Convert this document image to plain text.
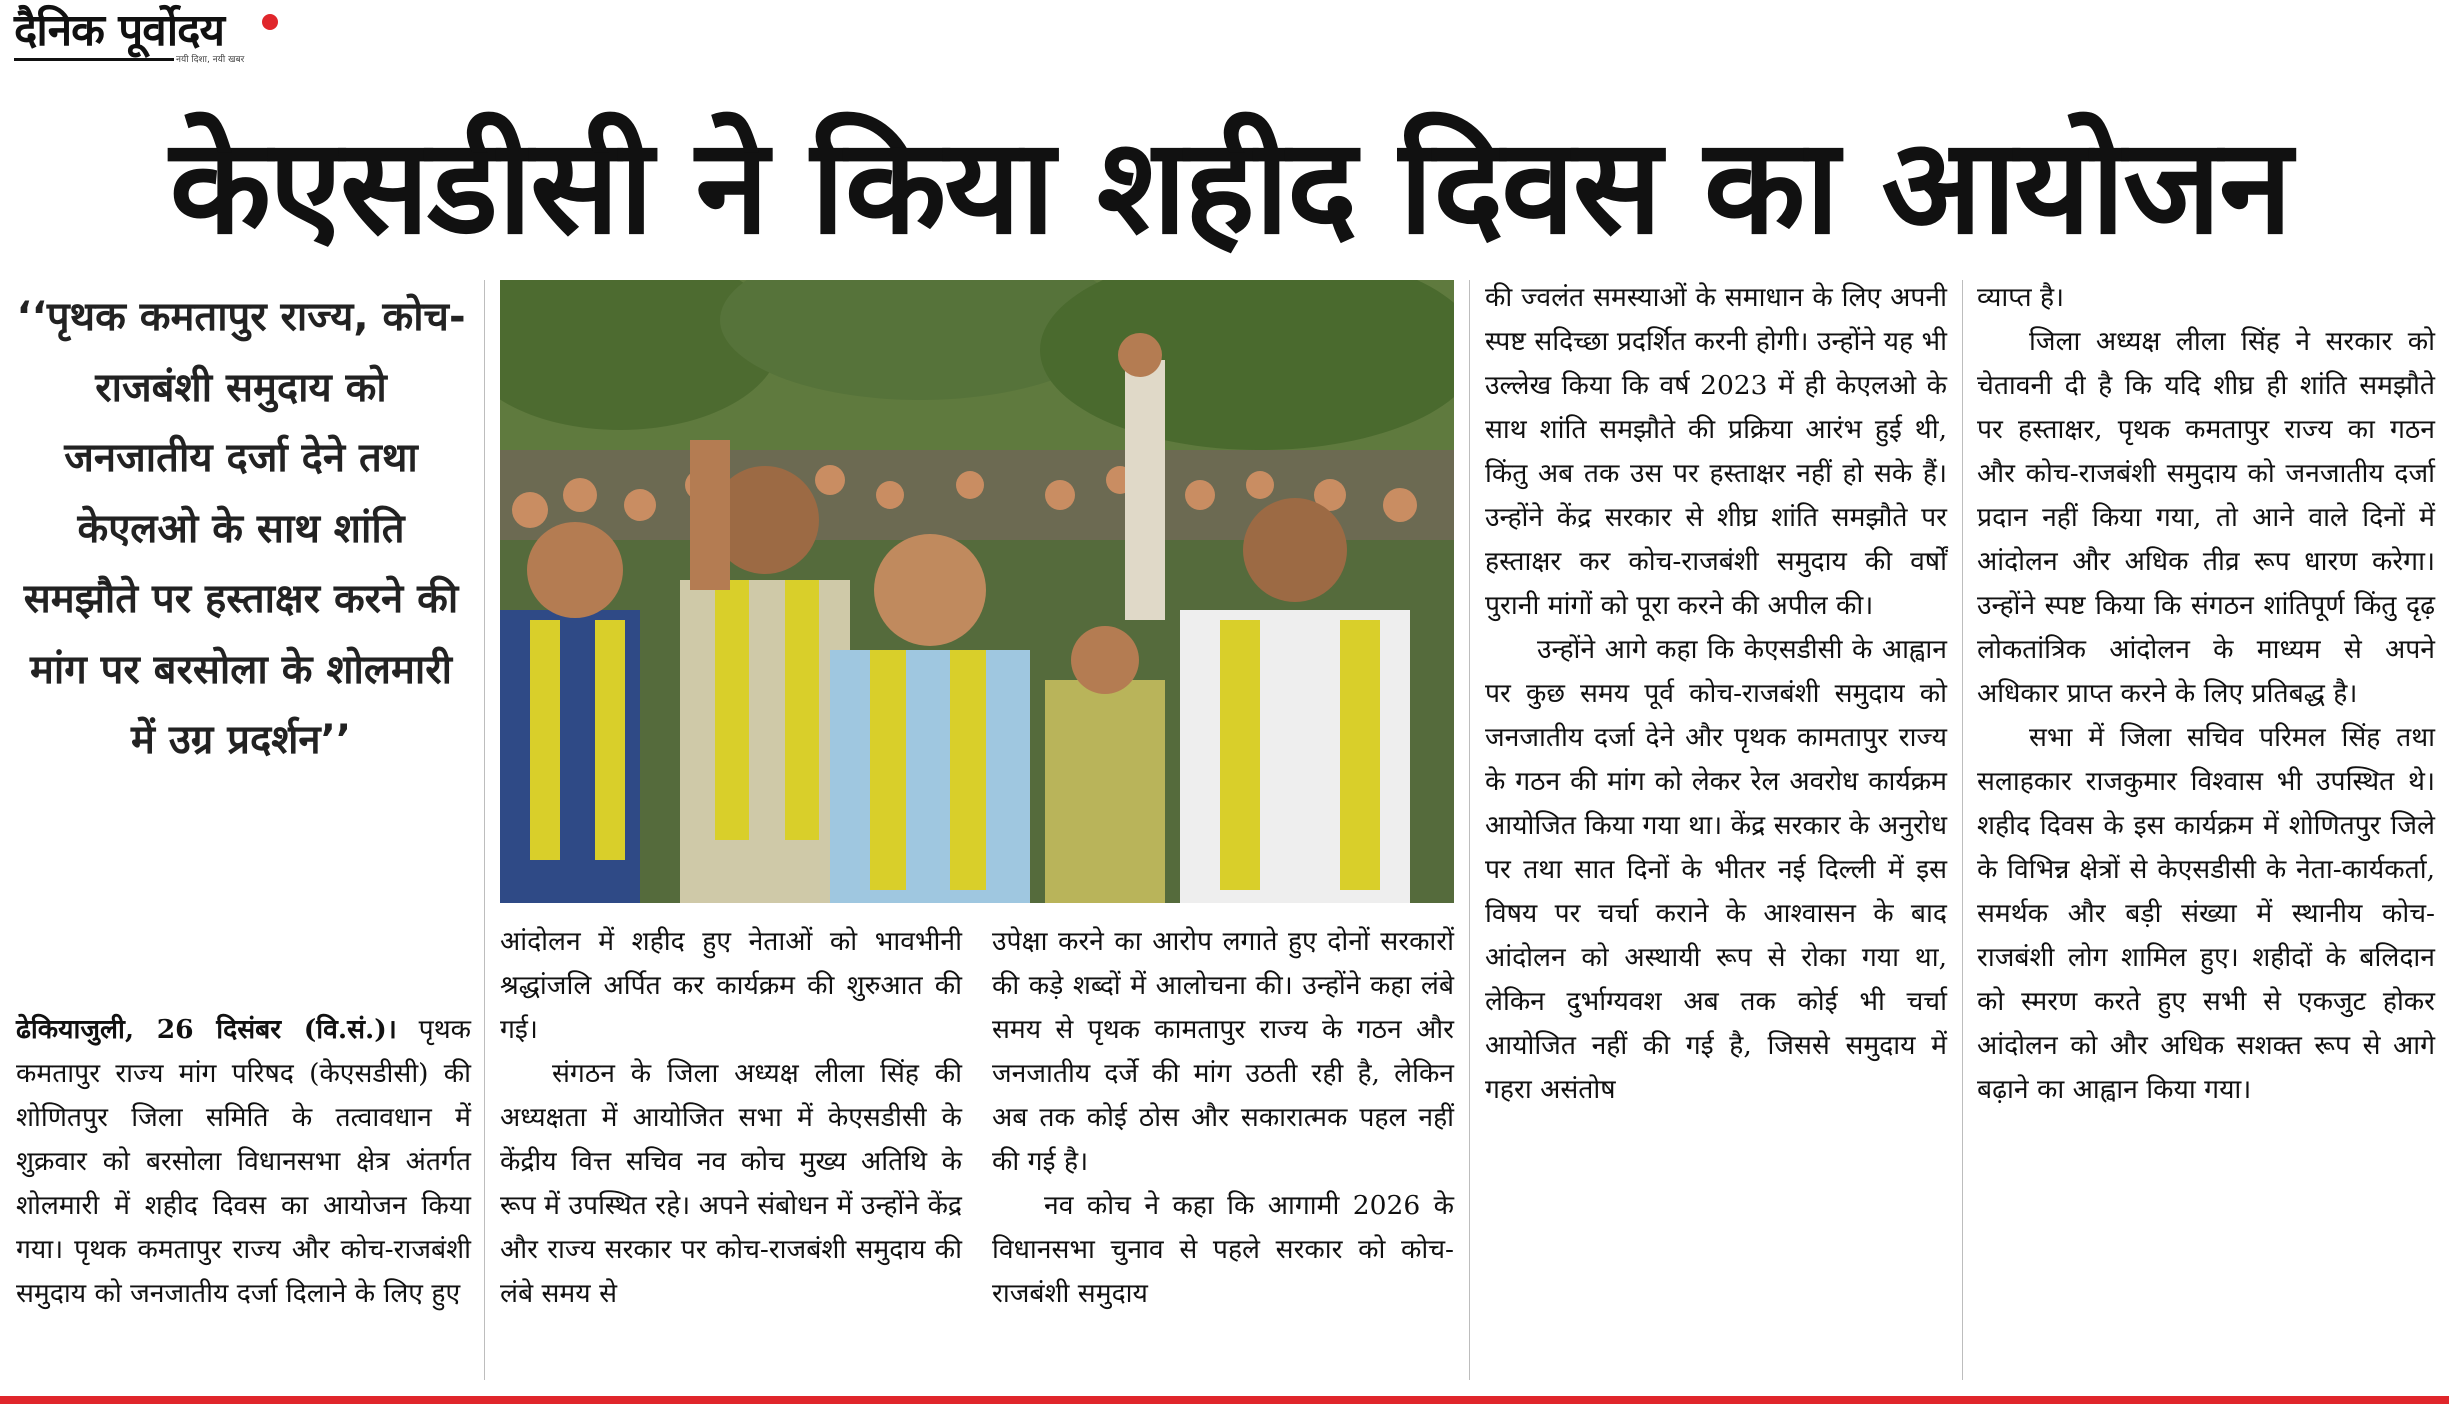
दैनिक पूर्वोदय
नयी दिशा, नयी खबर
केएसडीसी ने किया शहीद दिवस का आयोजन
‘‘पृथक कमतापुर राज्य, कोच-राजबंशी समुदाय को जनजातीय दर्जा देने तथा केएलओ के साथ शांति समझौते पर हस्ताक्षर करने की मांग पर बरसोला के शोलमारी में उग्र प्रदर्शन’’

ढेकियाजुली, 26 दिसंबर (वि.सं.)। पृथक कमतापुर राज्य मांग परिषद (केएसडीसी) की शोणितपुर जिला समिति के तत्वावधान में शुक्रवार को बरसोला विधानसभा क्षेत्र अंतर्गत शोलमारी में शहीद दिवस का आयोजन किया गया। पृथक कमतापुर राज्य और कोच-राजबंशी समुदाय को जनजातीय दर्जा दिलाने के लिए हुए

आंदोलन में शहीद हुए नेताओं को भावभीनी श्रद्धांजलि अर्पित कर कार्यक्रम की शुरुआत की गई।

संगठन के जिला अध्यक्ष लीला सिंह की अध्यक्षता में आयोजित सभा में केएसडीसी के केंद्रीय वित्त सचिव नव कोच मुख्य अतिथि के रूप में उपस्थित रहे। अपने संबोधन में उन्होंने केंद्र और राज्य सरकार पर कोच-राजबंशी समुदाय की लंबे समय से

उपेक्षा करने का आरोप लगाते हुए दोनों सरकारों की कड़े शब्दों में आलोचना की। उन्होंने कहा लंबे समय से पृथक कामतापुर राज्य के गठन और जनजातीय दर्जे की मांग उठती रही है, लेकिन अब तक कोई ठोस और सकारात्मक पहल नहीं की गई है।

नव कोच ने कहा कि आगामी 2026 के विधानसभा चुनाव से पहले सरकार को कोच-राजबंशी समुदाय

की ज्वलंत समस्याओं के समाधान के लिए अपनी स्पष्ट सदिच्छा प्रदर्शित करनी होगी। उन्होंने यह भी उल्लेख किया कि वर्ष 2023 में ही केएलओ के साथ शांति समझौते की प्रक्रिया आरंभ हुई थी, किंतु अब तक उस पर हस्ताक्षर नहीं हो सके हैं। उन्होंने केंद्र सरकार से शीघ्र शांति समझौते पर हस्ताक्षर कर कोच-राजबंशी समुदाय की वर्षों पुरानी मांगों को पूरा करने की अपील की।

उन्होंने आगे कहा कि केएसडीसी के आह्वान पर कुछ समय पूर्व कोच-राजबंशी समुदाय को जनजातीय दर्जा देने और पृथक कामतापुर राज्य के गठन की मांग को लेकर रेल अवरोध कार्यक्रम आयोजित किया गया था। केंद्र सरकार के अनुरोध पर तथा सात दिनों के भीतर नई दिल्ली में इस विषय पर चर्चा कराने के आश्वासन के बाद आंदोलन को अस्थायी रूप से रोका गया था, लेकिन दुर्भाग्यवश अब तक कोई भी चर्चा आयोजित नहीं की गई है, जिससे समुदाय में गहरा असंतोष

व्याप्त है।

जिला अध्यक्ष लीला सिंह ने सरकार को चेतावनी दी है कि यदि शीघ्र ही शांति समझौते पर हस्ताक्षर, पृथक कमतापुर राज्य का गठन और कोच-राजबंशी समुदाय को जनजातीय दर्जा प्रदान नहीं किया गया, तो आने वाले दिनों में आंदोलन और अधिक तीव्र रूप धारण करेगा। उन्होंने स्पष्ट किया कि संगठन शांतिपूर्ण किंतु दृढ़ लोकतांत्रिक आंदोलन के माध्यम से अपने अधिकार प्राप्त करने के लिए प्रतिबद्ध है।

सभा में जिला सचिव परिमल सिंह तथा सलाहकार राजकुमार विश्वास भी उपस्थित थे। शहीद दिवस के इस कार्यक्रम में शोणितपुर जिले के विभिन्न क्षेत्रों से केएसडीसी के नेता-कार्यकर्ता, समर्थक और बड़ी संख्या में स्थानीय कोच-राजबंशी लोग शामिल हुए। शहीदों के बलिदान को स्मरण करते हुए सभी से एकजुट होकर आंदोलन को और अधिक सशक्त रूप से आगे बढ़ाने का आह्वान किया गया।
